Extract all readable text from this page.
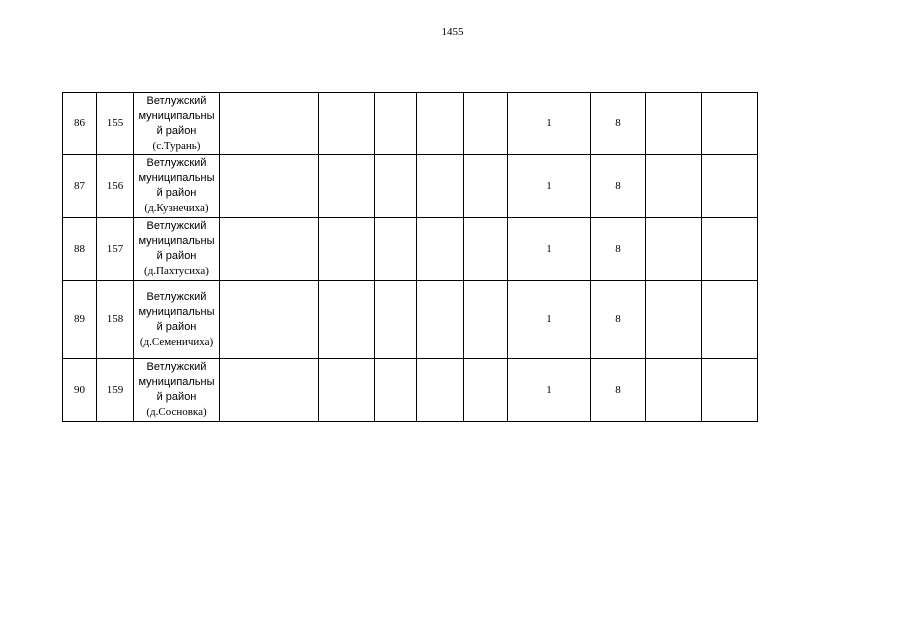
1455
86	155	Ветлужский
муниципальны
й район
(с.Турань)						1	8		
87	156	Ветлужский
муниципальны
й район
(д.Кузнечиха)						1	8		
88	157	Ветлужский
муниципальны
й район
(д.Пахтусиха)						1	8		
89	158	Ветлужский
муниципальны
й район
(д.Семеничиха)						1	8		
90	159	Ветлужский
муниципальны
й район
(д.Сосновка)						1	8		
